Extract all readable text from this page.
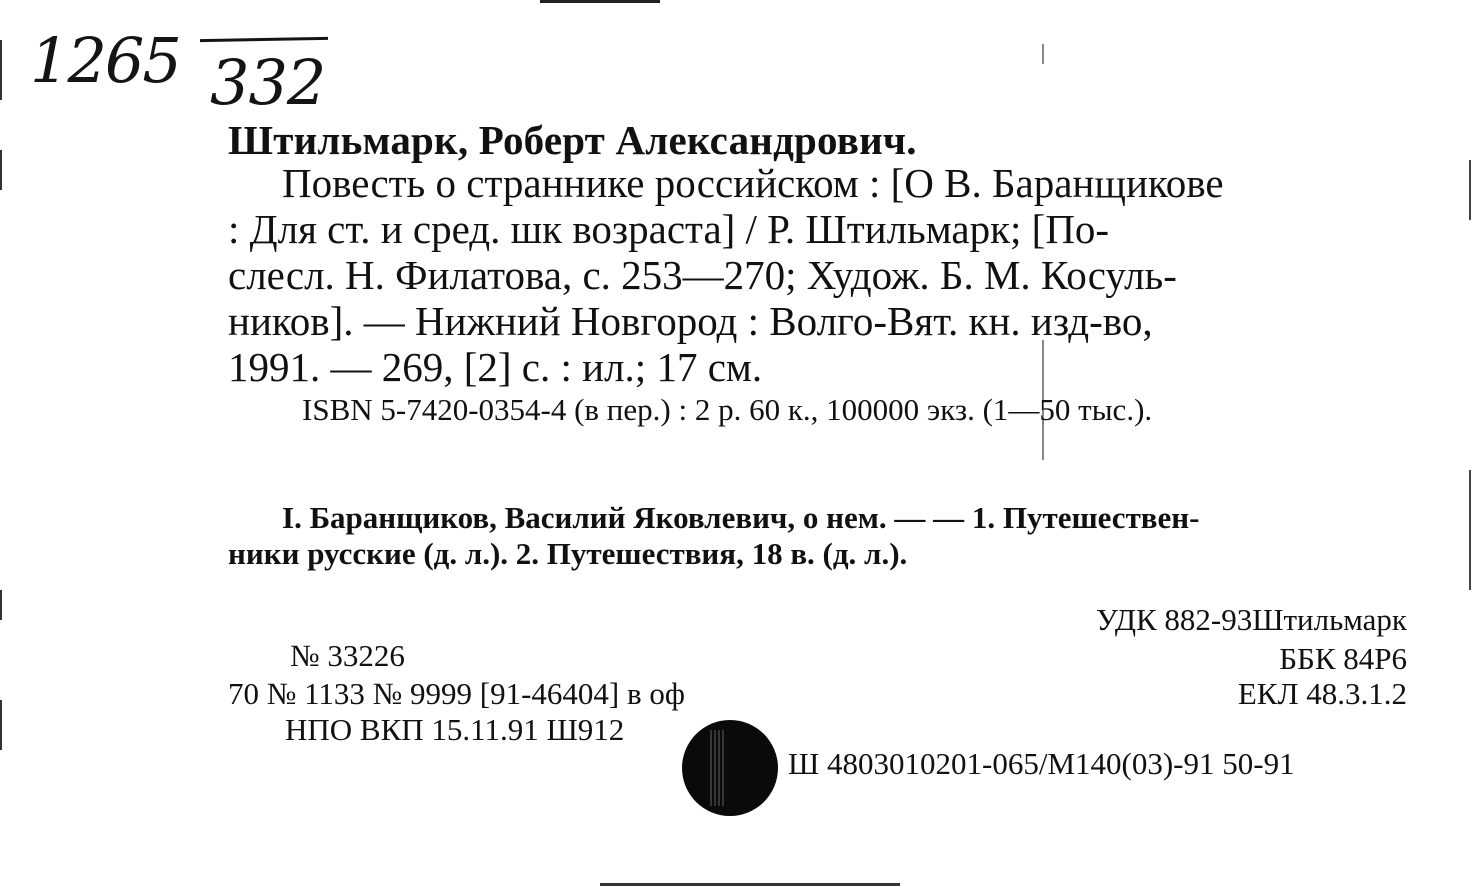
1265 332
Штильмарк, Роберт Александрович.
Повесть о страннике российском : [О В. Баранщикове
: Для ст. и сред. шк возраста] / Р. Штильмарк; [По-
слесл. Н. Филатова, с. 253—270; Худож. Б. М. Косуль-
ников]. — Нижний Новгород : Волго-Вят. кн. изд-во,
1991. — 269, [2] с. : ил.; 17 см.
ISBN 5-7420-0354-4 (в пер.) : 2 р. 60 к., 100000 экз. (1—50 тыс.).
I. Баранщиков, Василий Яковлевич, о нем. — — 1. Путешествен-
ники русские (д. л.). 2. Путешествия, 18 в. (д. л.).
УДК 882-93Штильмарк
ББК 84Р6
ЕКЛ 48.3.1.2
№ 33226
70 № 1133 № 9999 [91-46404] в оф
НПО ВКП 15.11.91 Ш912
Ш 4803010201-065/М140(03)-91 50-91
